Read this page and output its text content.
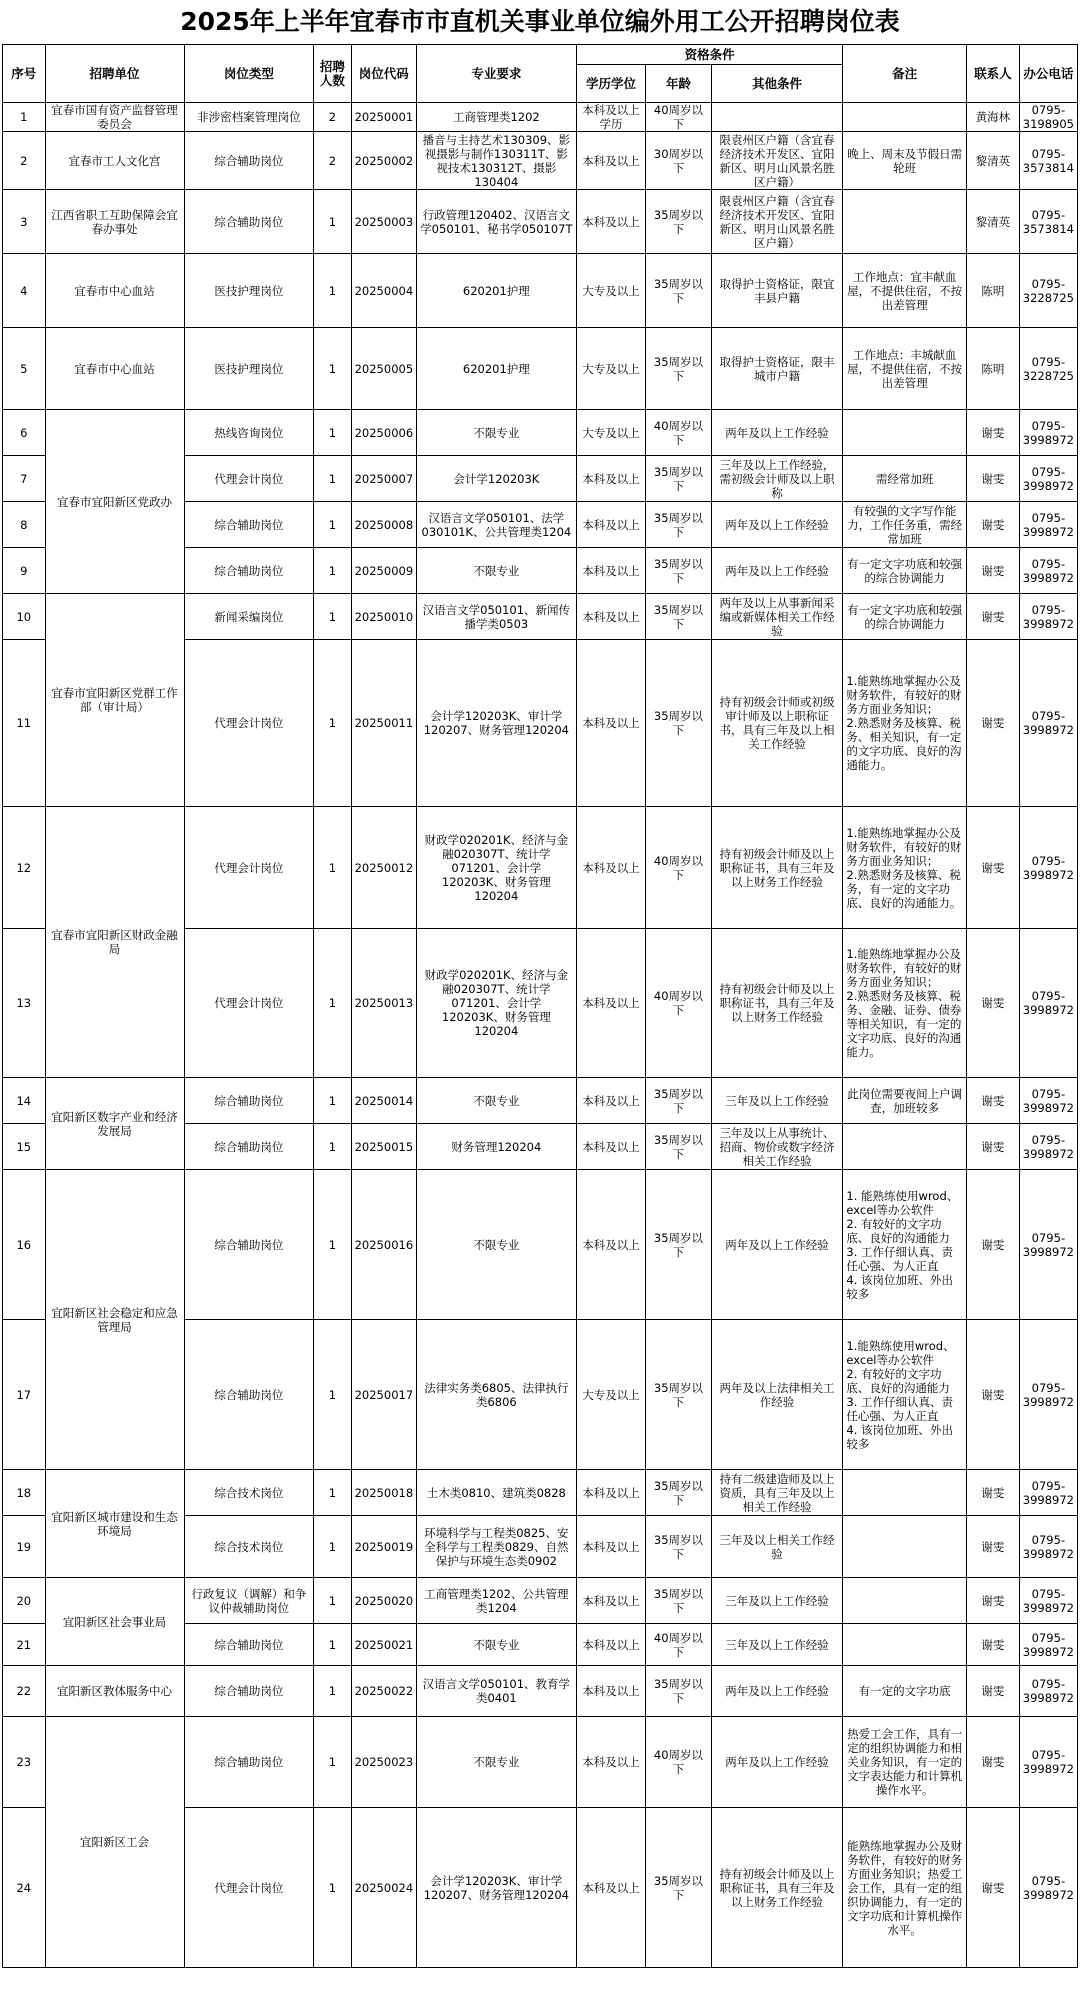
2025年上半年宜春市市直机关事业单位编外用工公开招聘岗位表
序号	招聘单位	岗位类型	招聘人数	岗位代码	专业要求	资格条件			备注	联系人	办公电话
						学历学位	年龄	其他条件			
1	宜春市国有资产监督管理委员会	非涉密档案管理岗位	2	20250001	工商管理类1202	本科及以上学历	40周岁以下			黄海林	0795-3198905
2	宜春市工人文化宫	综合辅助岗位	2	20250002	播音与主持艺术130309、影视摄影与制作130311T、影视技术130312T、摄影130404	本科及以上	30周岁以下	限袁州区户籍（含宜春经济技术开发区、宜阳新区、明月山风景名胜区户籍）	晚上、周末及节假日需轮班	黎清英	0795-3573814
3	江西省职工互助保障会宜春办事处	综合辅助岗位	1	20250003	行政管理120402、汉语言文学050101、秘书学050107T	本科及以上	35周岁以下	限袁州区户籍（含宜春经济技术开发区、宜阳新区、明月山风景名胜区户籍）		黎清英	0795-3573814
4	宜春市中心血站	医技护理岗位	1	20250004	620201护理	大专及以上	35周岁以下	取得护士资格证，限宜丰县户籍	工作地点：宜丰献血屋，不提供住宿，不按出差管理	陈明	0795-3228725
5	宜春市中心血站	医技护理岗位	1	20250005	620201护理	大专及以上	35周岁以下	取得护士资格证，限丰城市户籍	工作地点：丰城献血屋，不提供住宿，不按出差管理	陈明	0795-3228725
6	宜春市宜阳新区党政办	热线咨询岗位	1	20250006	不限专业	大专及以上	40周岁以下	两年及以上工作经验		谢雯	0795-3998972
7		代理会计岗位	1	20250007	会计学120203K	本科及以上	35周岁以下	三年及以上工作经验，需初级会计师及以上职称	需经常加班	谢雯	0795-3998972
8		综合辅助岗位	1	20250008	汉语言文学050101、法学030101K、公共管理类1204	本科及以上	35周岁以下	两年及以上工作经验	有较强的文字写作能力，工作任务重，需经常加班	谢雯	0795-3998972
9		综合辅助岗位	1	20250009	不限专业	本科及以上	35周岁以下	两年及以上工作经验	有一定文字功底和较强的综合协调能力	谢雯	0795-3998972
10	宜春市宜阳新区党群工作部（审计局）	新闻采编岗位	1	20250010	汉语言文学050101、新闻传播学类0503	本科及以上	35周岁以下	两年及以上从事新闻采编或新媒体相关工作经验	有一定文字功底和较强的综合协调能力	谢雯	0795-3998972
11		代理会计岗位	1	20250011	会计学120203K、审计学120207、财务管理120204	本科及以上	35周岁以下	持有初级会计师或初级审计师及以上职称证书，具有三年及以上相关工作经验	1.能熟练地掌握办公及财务软件，有较好的财务方面业务知识；
2.熟悉财务及核算、税务、相关知识，有一定的文字功底、良好的沟通能力。	谢雯	0795-3998972
12	宜春市宜阳新区财政金融局	代理会计岗位	1	20250012	财政学020201K、经济与金融020307T、统计学071201、会计学120203K、财务管理120204	本科及以上	40周岁以下	持有初级会计师及以上职称证书，具有三年及以上财务工作经验	1.能熟练地掌握办公及财务软件，有较好的财务方面业务知识；
2.熟悉财务及核算、税务，有一定的文字功底、良好的沟通能力。	谢雯	0795-3998972
13		代理会计岗位	1	20250013	财政学020201K、经济与金融020307T、统计学071201、会计学120203K、财务管理120204	本科及以上	40周岁以下	持有初级会计师及以上职称证书，具有三年及以上财务工作经验	1.能熟练地掌握办公及财务软件，有较好的财务方面业务知识；
2.熟悉财务及核算、税务、金融、证券、债券等相关知识，有一定的文字功底、良好的沟通能力。	谢雯	0795-3998972
14	宜阳新区数字产业和经济发展局	综合辅助岗位	1	20250014	不限专业	本科及以上	35周岁以下	三年及以上工作经验	此岗位需要夜间上户调查，加班较多	谢雯	0795-3998972
15		综合辅助岗位	1	20250015	财务管理120204	本科及以上	35周岁以下	三年及以上从事统计、招商、物价或数字经济相关工作经验		谢雯	0795-3998972
16	宜阳新区社会稳定和应急管理局	综合辅助岗位	1	20250016	不限专业	本科及以上	35周岁以下	两年及以上工作经验	1. 能熟练使用wrod、excel等办公软件
2. 有较好的文字功底、良好的沟通能力
3. 工作仔细认真、责任心强、为人正直
4. 该岗位加班、外出较多	谢雯	0795-3998972
17		综合辅助岗位	1	20250017	法律实务类6805、法律执行类6806	大专及以上	35周岁以下	两年及以上法律相关工作经验	1.能熟练使用wrod、excel等办公软件
2. 有较好的文字功底、良好的沟通能力
3. 工作仔细认真、责任心强、为人正直
4. 该岗位加班、外出较多	谢雯	0795-3998972
18	宜阳新区城市建设和生态环境局	综合技术岗位	1	20250018	土木类0810、建筑类0828	本科及以上	35周岁以下	持有二级建造师及以上资质，具有三年及以上相关工作经验		谢雯	0795-3998972
19		综合技术岗位	1	20250019	环境科学与工程类0825、安全科学与工程类0829、自然保护与环境生态类0902	本科及以上	35周岁以下	三年及以上相关工作经验		谢雯	0795-3998972
20	宜阳新区社会事业局	行政复议（调解）和争议仲裁辅助岗位	1	20250020	工商管理类1202、公共管理类1204	本科及以上	35周岁以下	三年及以上工作经验		谢雯	0795-3998972
21		综合辅助岗位	1	20250021	不限专业	本科及以上	40周岁以下	三年及以上工作经验		谢雯	0795-3998972
22	宜阳新区教体服务中心	综合辅助岗位	1	20250022	汉语言文学050101、教育学类0401	本科及以上	35周岁以下	两年及以上工作经验	有一定的文字功底	谢雯	0795-3998972
23	宜阳新区工会	综合辅助岗位	1	20250023	不限专业	本科及以上	40周岁以下	两年及以上工作经验	热爱工会工作，具有一定的组织协调能力和相关业务知识，有一定的文字表达能力和计算机操作水平。	谢雯	0795-3998972
24		代理会计岗位	1	20250024	会计学120203K、审计学120207、财务管理120204	本科及以上	35周岁以下	持有初级会计师及以上职称证书，具有三年及以上财务工作经验	能熟练地掌握办公及财务软件，有较好的财务方面业务知识；热爱工会工作，具有一定的组织协调能力，有一定的文字功底和计算机操作水平。	谢雯	0795-3998972
